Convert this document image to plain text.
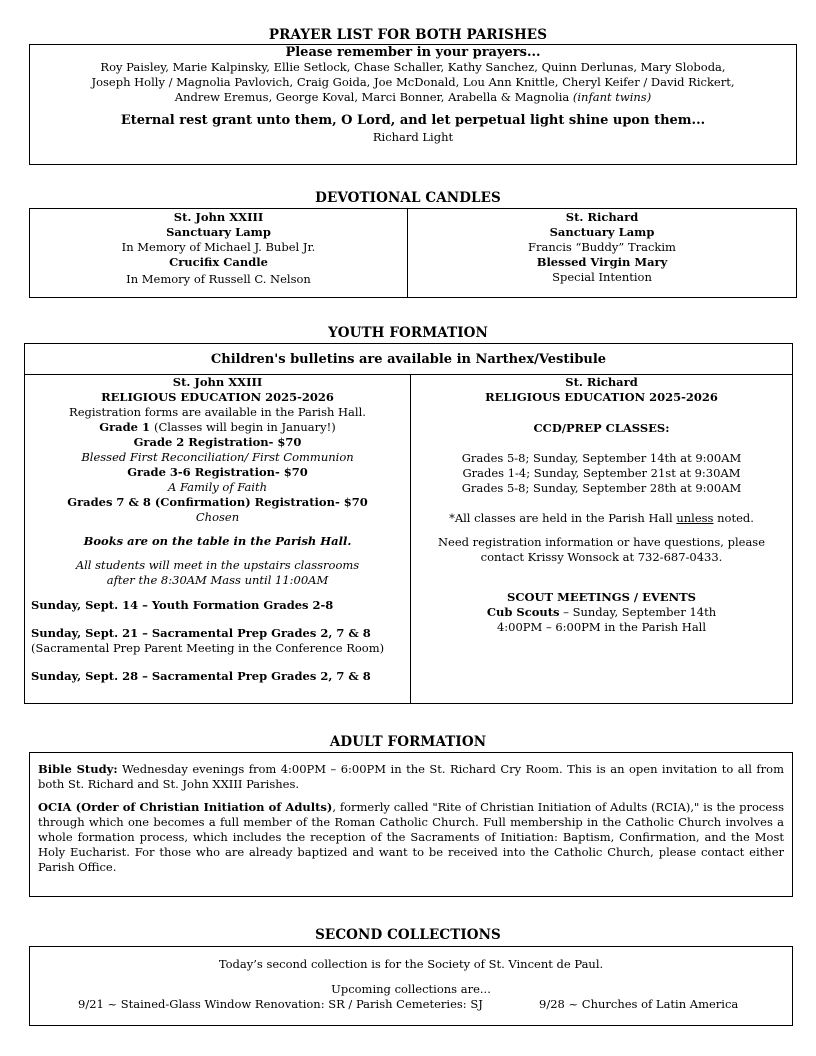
PRAYER LIST FOR BOTH PARISHES

Please remember in your prayers...

Roy Paisley, Marie Kalpinsky, Ellie Setlock, Chase Schaller, Kathy Sanchez, Quinn Derlunas, Mary Sloboda,

Joseph Holly / Magnolia Pavlovich, Craig Goida, Joe McDonald, Lou Ann Knittle, Cheryl Keifer / David Rickert,

Andrew Eremus, George Koval, Marci Bonner, Arabella & Magnolia (infant twins)

Eternal rest grant unto them, O Lord, and let perpetual light shine upon them...

Richard Light

DEVOTIONAL CANDLES

St. John XXIII

Sanctuary Lamp

In Memory of Michael J. Bubel Jr.

Crucifix Candle

In Memory of Russell C. Nelson

St. Richard

Sanctuary Lamp

Francis “Buddy” Trackim

Blessed Virgin Mary

Special Intention

YOUTH FORMATION
Children's bulletins are available in Narthex/Vestibule

St. John XXIII

RELIGIOUS EDUCATION 2025-2026

Registration forms are available in the Parish Hall.

Grade 1 (Classes will begin in January!)

Grade 2 Registration- $70

Blessed First Reconciliation/ First Communion

Grade 3-6 Registration- $70

A Family of Faith

Grades 7 & 8 (Confirmation) Registration- $70

Chosen

Books are on the table in the Parish Hall.

All students will meet in the upstairs classrooms

after the 8:30AM Mass until 11:00AM

Sunday, Sept. 14 – Youth Formation Grades 2-8

Sunday, Sept. 21 – Sacramental Prep Grades 2, 7 & 8

(Sacramental Prep Parent Meeting in the Conference Room)

Sunday, Sept. 28 – Sacramental Prep Grades 2, 7 & 8

St. Richard

RELIGIOUS EDUCATION 2025-2026

CCD/PREP CLASSES:

Grades 5-8; Sunday, September 14th at 9:00AM

Grades 1-4; Sunday, September 21st at 9:30AM

Grades 5-8; Sunday, September 28th at 9:00AM

*All classes are held in the Parish Hall unless noted.

Need registration information or have questions, please

contact Krissy Wonsock at 732-687-0433.

SCOUT MEETINGS / EVENTS

Cub Scouts – Sunday, September 14th

4:00PM – 6:00PM in the Parish Hall

ADULT FORMATION

Bible Study: Wednesday evenings from 4:00PM – 6:00PM in the St. Richard Cry Room. This is an open invitation to all from both St. Richard and St. John XXIII Parishes.

OCIA (Order of Christian Initiation of Adults), formerly called "Rite of Christian Initiation of Adults (RCIA)," is the process through which one becomes a full member of the Roman Catholic Church. Full membership in the Catholic Church involves a whole formation process, which includes the reception of the Sacraments of Initiation: Baptism, Confirmation, and the Most Holy Eucharist. For those who are already baptized and want to be received into the Catholic Church, please contact either Parish Office.

SECOND COLLECTIONS

Today’s second collection is for the Society of St. Vincent de Paul.

Upcoming collections are...

9/21 ~ Stained-Glass Window Renovation: SR / Parish Cemeteries: SJ	9/28 ~ Churches of Latin America
